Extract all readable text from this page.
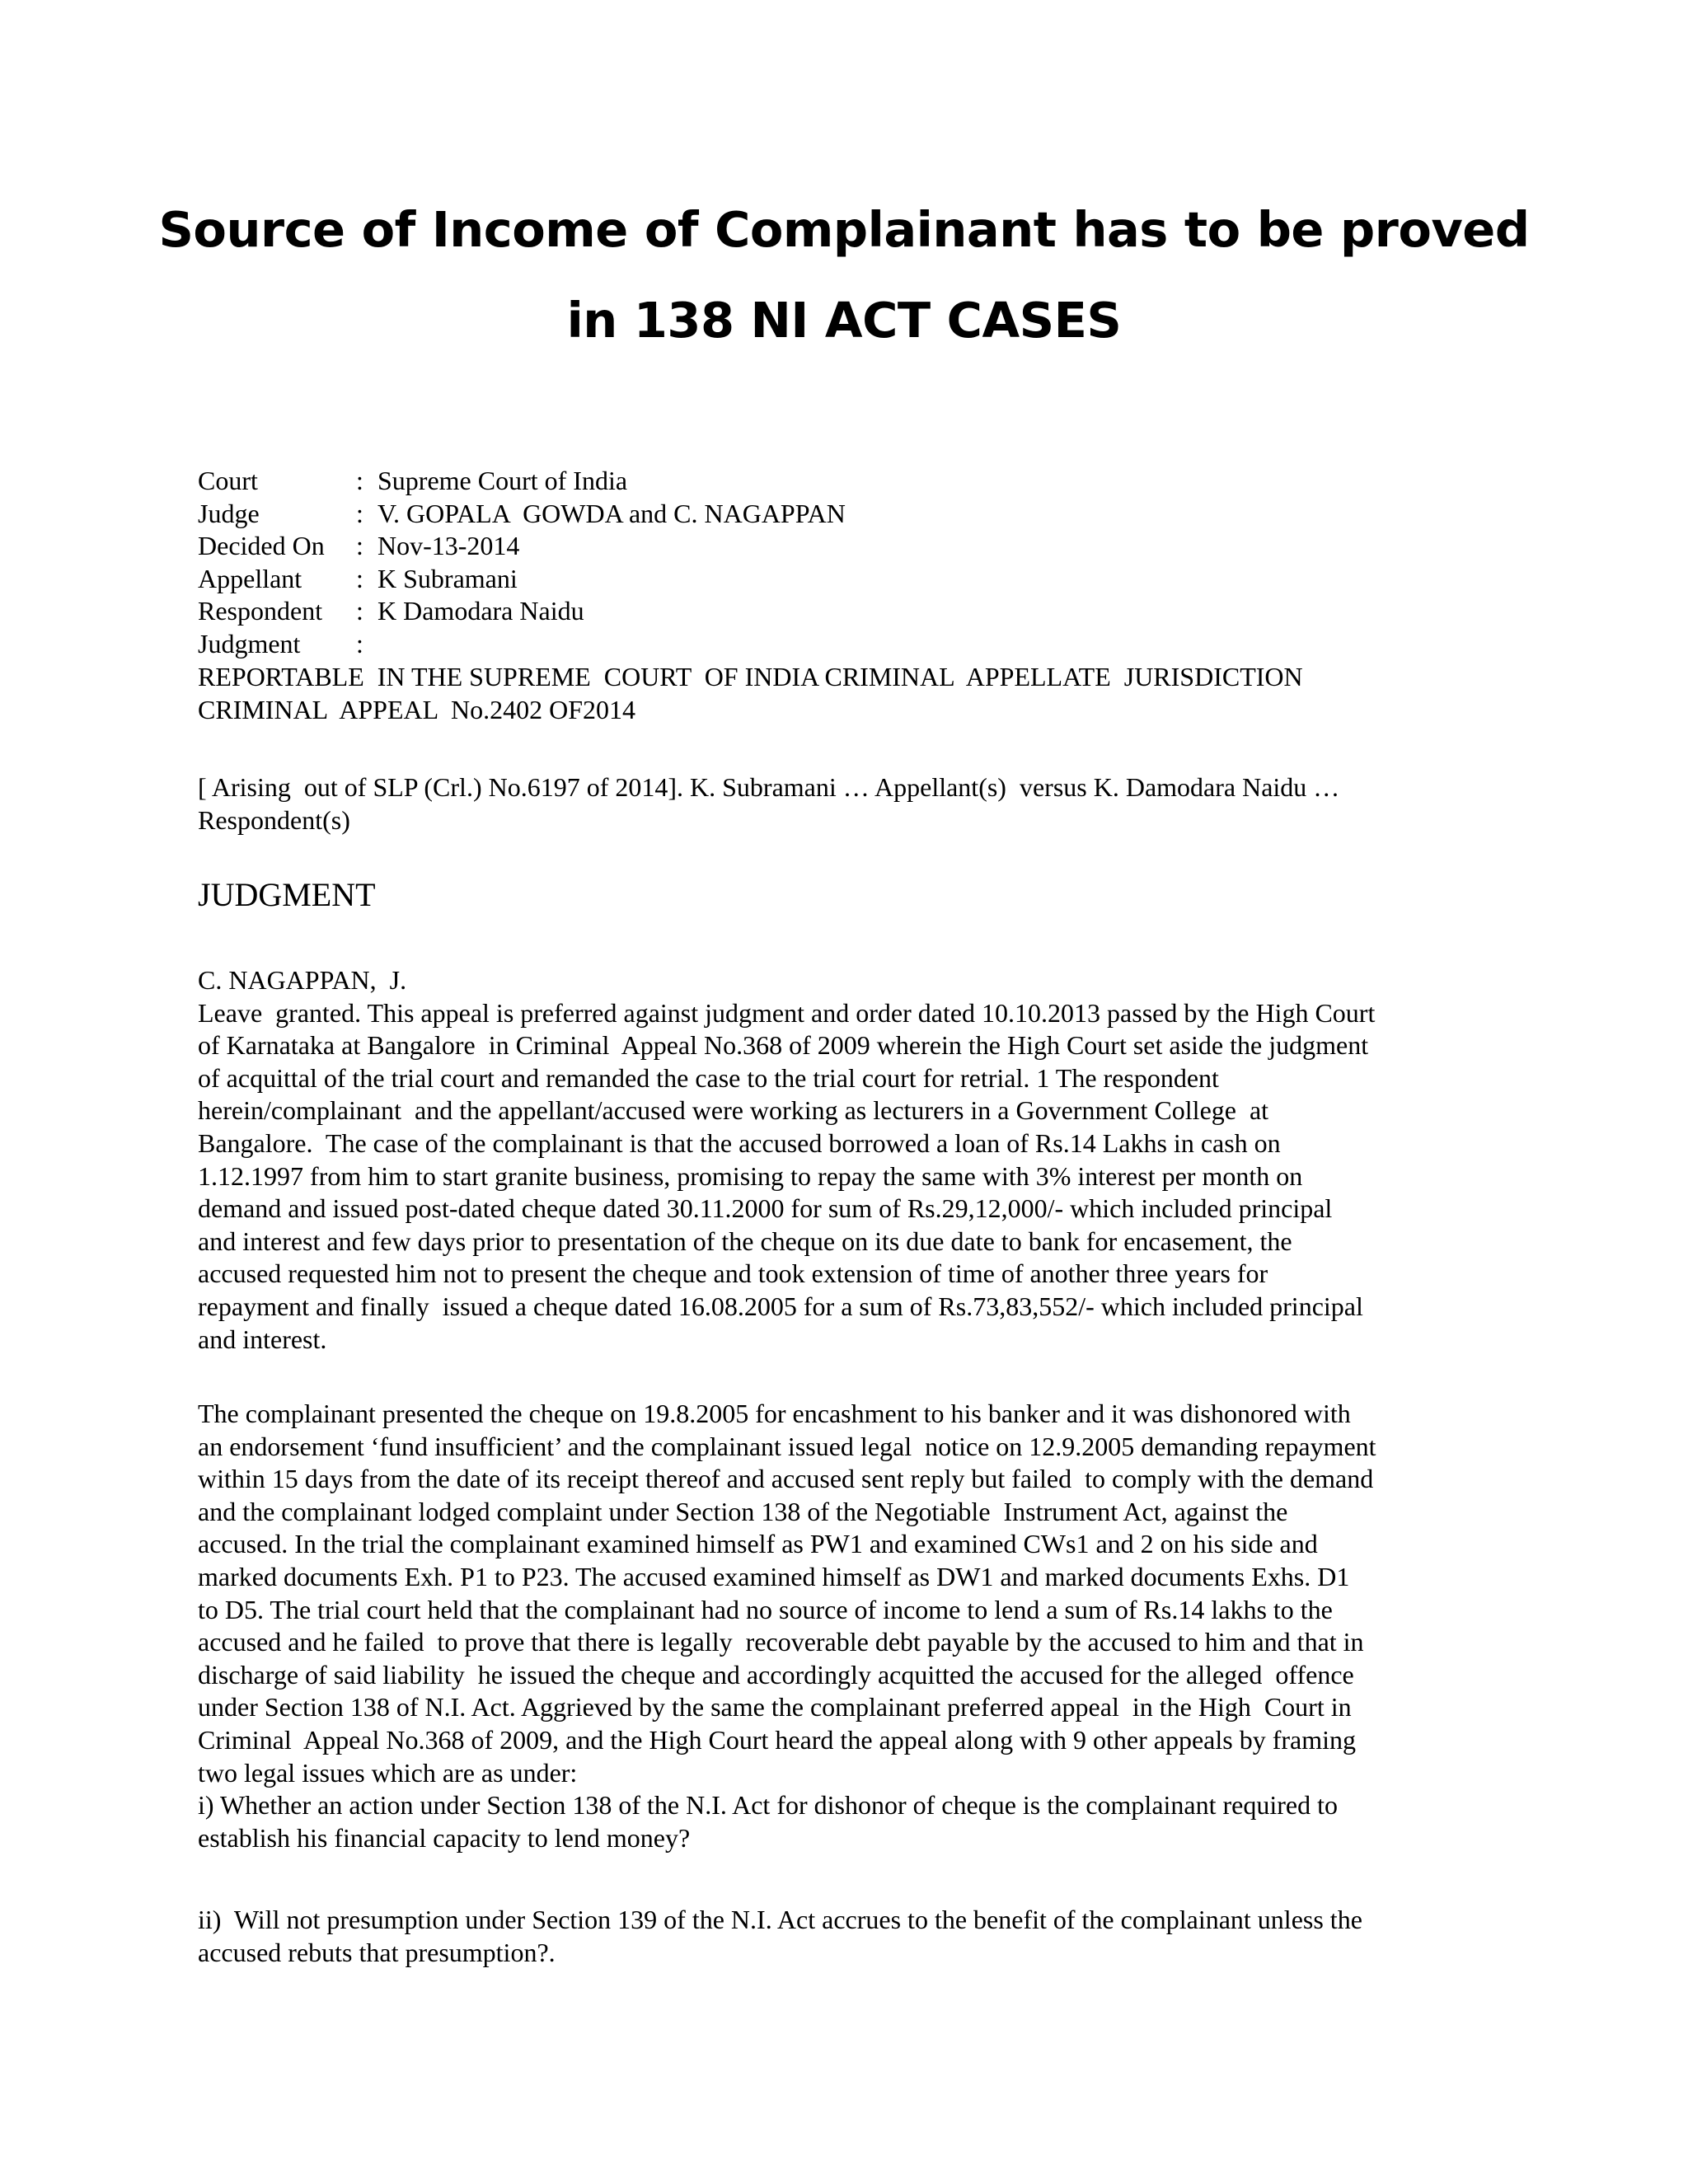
Source of Income of Complainant has to be proved
in 138 NI ACT CASES
Court	: Supreme Court of India
Judge	: V. GOPALA  GOWDA and C. NAGAPPAN
Decided On : Nov-13-2014
Appellant : K Subramani
Respondent : K Damodara Naidu
Judgment :
REPORTABLE  IN THE SUPREME  COURT  OF INDIA CRIMINAL  APPELLATE  JURISDICTION
CRIMINAL  APPEAL  No.2402 OF2014
[ Arising  out of SLP (Crl.) No.6197 of 2014]. K. Subramani … Appellant(s)  versus K. Damodara Naidu …
Respondent(s)
JUDGMENT
C. NAGAPPAN,  J.
Leave  granted. This appeal is preferred against judgment and order dated 10.10.2013 passed by the High Court
of Karnataka at Bangalore  in Criminal  Appeal No.368 of 2009 wherein the High Court set aside the judgment
of acquittal of the trial court and remanded the case to the trial court for retrial. 1 The respondent
herein/complainant  and the appellant/accused were working as lecturers in a Government College  at
Bangalore.  The case of the complainant is that the accused borrowed a loan of Rs.14 Lakhs in cash on
1.12.1997 from him to start granite business, promising to repay the same with 3% interest per month on
demand and issued post-dated cheque dated 30.11.2000 for sum of Rs.29,12,000/- which included principal
and interest and few days prior to presentation of the cheque on its due date to bank for encasement, the
accused requested him not to present the cheque and took extension of time of another three years for
repayment and finally  issued a cheque dated 16.08.2005 for a sum of Rs.73,83,552/- which included principal
and interest.
The complainant presented the cheque on 19.8.2005 for encashment to his banker and it was dishonored with
an endorsement ‘fund insufficient’ and the complainant issued legal  notice on 12.9.2005 demanding repayment
within 15 days from the date of its receipt thereof and accused sent reply but failed  to comply with the demand
and the complainant lodged complaint under Section 138 of the Negotiable  Instrument Act, against the
accused. In the trial the complainant examined himself as PW1 and examined CWs1 and 2 on his side and
marked documents Exh. P1 to P23. The accused examined himself as DW1 and marked documents Exhs. D1
to D5. The trial court held that the complainant had no source of income to lend a sum of Rs.14 lakhs to the
accused and he failed  to prove that there is legally  recoverable debt payable by the accused to him and that in
discharge of said liability  he issued the cheque and accordingly acquitted the accused for the alleged  offence
under Section 138 of N.I. Act. Aggrieved by the same the complainant preferred appeal  in the High  Court in
Criminal  Appeal No.368 of 2009, and the High Court heard the appeal along with 9 other appeals by framing
two legal issues which are as under:
i) Whether an action under Section 138 of the N.I. Act for dishonor of cheque is the complainant required to
establish his financial capacity to lend money?
ii)  Will not presumption under Section 139 of the N.I. Act accrues to the benefit of the complainant unless the
accused rebuts that presumption?.
